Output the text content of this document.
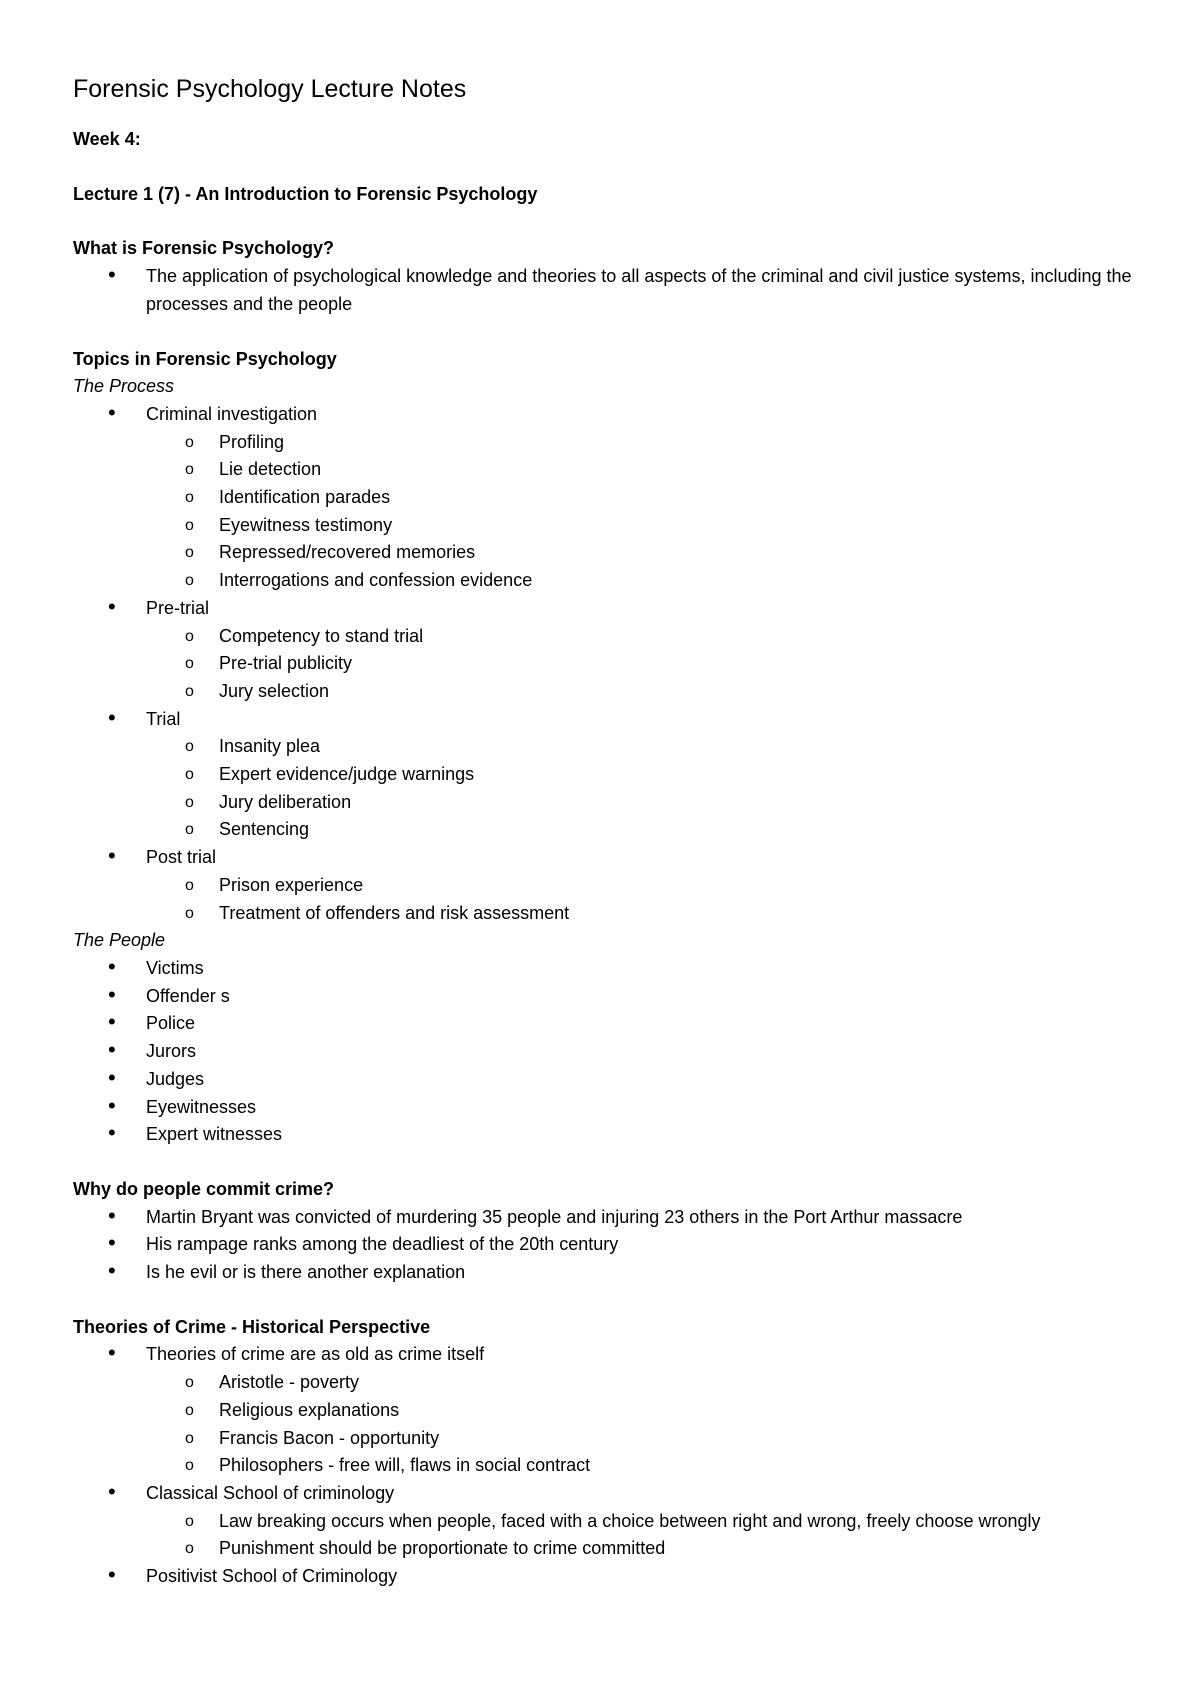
Forensic Psychology Lecture Notes
Week 4:
Lecture 1 (7) - An Introduction to Forensic Psychology
What is Forensic Psychology?
• The application of psychological knowledge and theories to all aspects of the criminal and civil justice systems, including the processes and the people
Topics in Forensic Psychology
The Process
• Criminal investigation
o Profiling
o Lie detection
o Identification parades
o Eyewitness testimony
o Repressed/recovered memories
o Interrogations and confession evidence
• Pre-trial
o Competency to stand trial
o Pre-trial publicity
o Jury selection
• Trial
o Insanity plea
o Expert evidence/judge warnings
o Jury deliberation
o Sentencing
• Post trial
o Prison experience
o Treatment of offenders and risk assessment
The People
• Victims
• Offender s
• Police
• Jurors
• Judges
• Eyewitnesses
• Expert witnesses
Why do people commit crime?
• Martin Bryant was convicted of murdering 35 people and injuring 23 others in the Port Arthur massacre
• His rampage ranks among the deadliest of the 20th century
• Is he evil or is there another explanation
Theories of Crime - Historical Perspective
• Theories of crime are as old as crime itself
o Aristotle - poverty
o Religious explanations
o Francis Bacon - opportunity
o Philosophers - free will, flaws in social contract
• Classical School of criminology
o Law breaking occurs when people, faced with a choice between right and wrong, freely choose wrongly
o Punishment should be proportionate to crime committed
• Positivist School of Criminology
